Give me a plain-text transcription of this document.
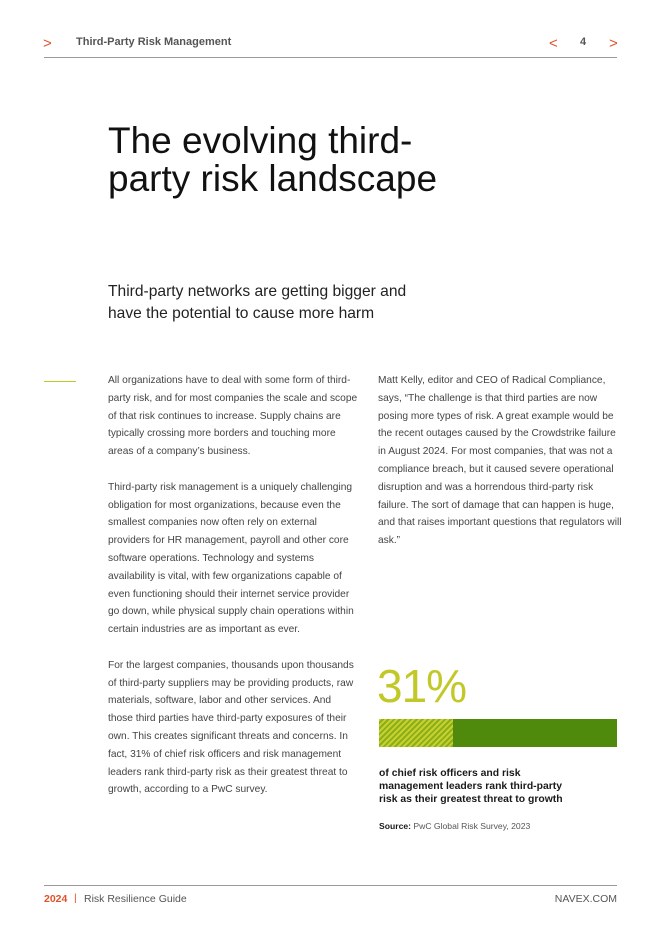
> Third-Party Risk Management	<	4 >
The evolving third-party risk landscape
Third-party networks are getting bigger and have the potential to cause more harm

All organizations have to deal with some form of third-party risk, and for most companies the scale and scope of that risk continues to increase. Supply chains are typically crossing more borders and touching more areas of a company’s business.

Third-party risk management is a uniquely challenging obligation for most organizations, because even the smallest companies now often rely on external providers for HR management, payroll and other core software operations. Technology and systems availability is vital, with few organizations capable of even functioning should their internet service provider go down, while physical supply chain operations within certain industries are as important as ever.

For the largest companies, thousands upon thousands of third-party suppliers may be providing products, raw materials, software, labor and other services. And those third parties have third-party exposures of their own. This creates significant threats and concerns. In fact, 31% of chief risk officers and risk management leaders rank third-party risk as their greatest threat to growth, according to a PwC survey.

Matt Kelly, editor and CEO of Radical Compliance, says, “The challenge is that third parties are now posing more types of risk. A great example would be the recent outages caused by the Crowdstrike failure in August 2024. For most companies, that was not a compliance breach, but it caused severe operational disruption and was a horrendous third-party risk failure. The sort of damage that can happen is huge, and that raises important questions that regulators will ask.”

31%
of chief risk officers and risk management leaders rank third-party risk as their greatest threat to growth
Source: PwC Global Risk Survey, 2023
2024 | Risk Resilience Guide	NAVEX.COM
